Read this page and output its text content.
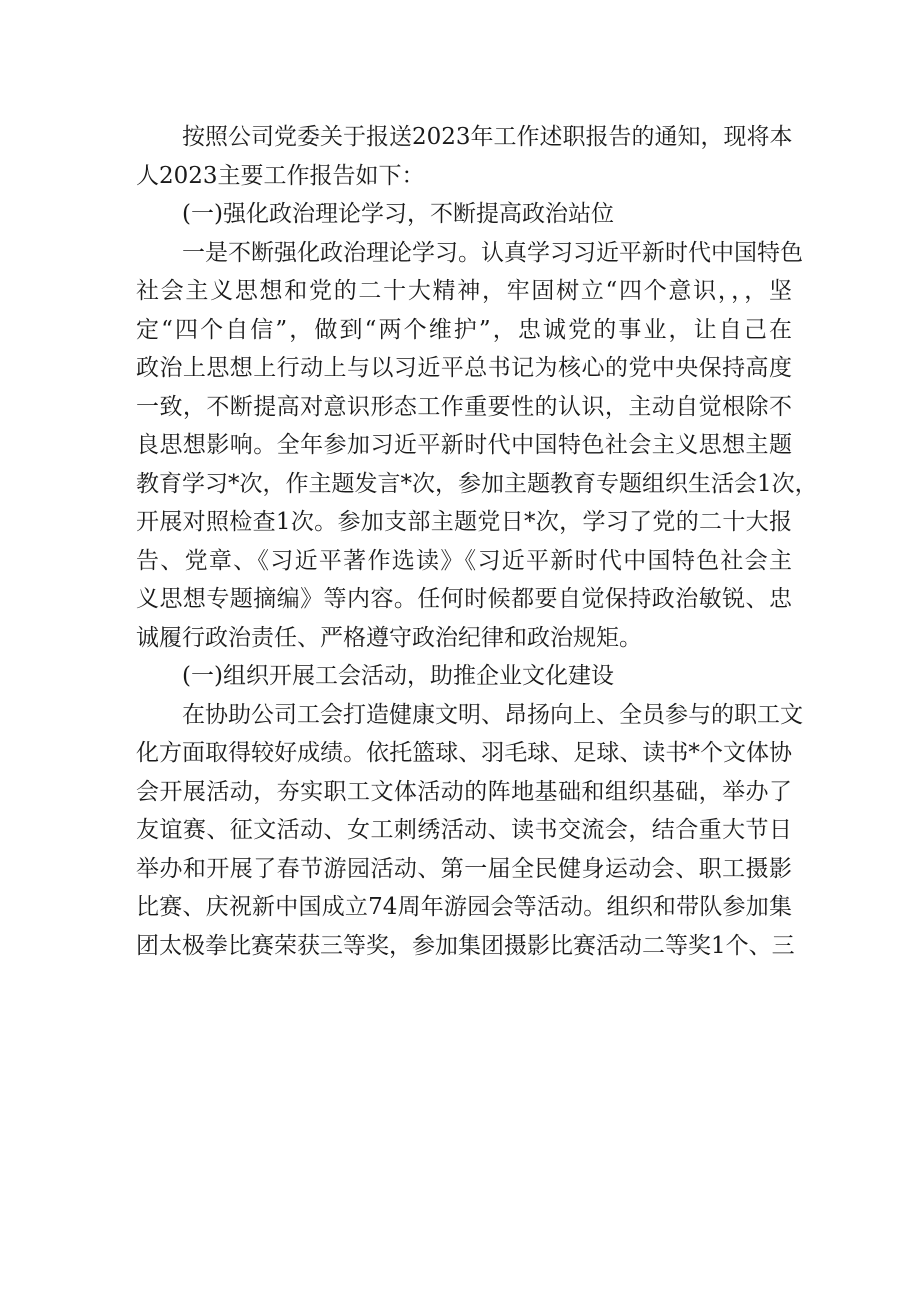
按照公司党委关于报送2023年工作述职报告的通知，现将本
人2023主要工作报告如下：
(一)强化政治理论学习，不断提高政治站位
一是不断强化政治理论学习。认真学习习近平新时代中国特色
社会主义思想和党的二十大精神，牢固树立“四个意识，，，坚
定“四个自信”，做到“两个维护”，忠诚党的事业，让自己在
政治上思想上行动上与以习近平总书记为核心的党中央保持高度
一致，不断提高对意识形态工作重要性的认识，主动自觉根除不
良思想影响。全年参加习近平新时代中国特色社会主义思想主题
教育学习*次，作主题发言*次，参加主题教育专题组织生活会1次，
开展对照检查1次。参加支部主题党日*次，学习了党的二十大报
告、党章、《习近平著作选读》《习近平新时代中国特色社会主
义思想专题摘编》等内容。任何时候都要自觉保持政治敏锐、忠
诚履行政治责任、严格遵守政治纪律和政治规矩。
(一)组织开展工会活动，助推企业文化建设
在协助公司工会打造健康文明、昂扬向上、全员参与的职工文
化方面取得较好成绩。依托篮球、羽毛球、足球、读书*个文体协
会开展活动，夯实职工文体活动的阵地基础和组织基础，举办了
友谊赛、征文活动、女工刺绣活动、读书交流会，结合重大节日
举办和开展了春节游园活动、第一届全民健身运动会、职工摄影
比赛、庆祝新中国成立74周年游园会等活动。组织和带队参加集
团太极拳比赛荣获三等奖，参加集团摄影比赛活动二等奖1个、三
